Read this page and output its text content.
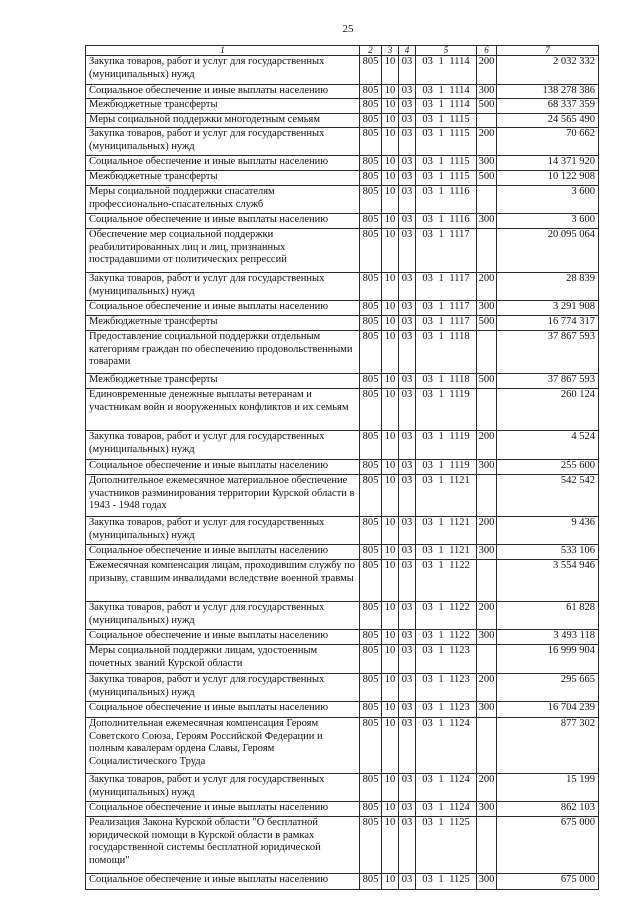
25
1	2	3	4	5	6	7

Закупка товаров, работ и услуг для государственных (муниципальных) нужд	805	10	03	03 1 1114	200	2 032 332

Социальное обеспечение и иные выплаты населению	805	10	03	03 1 1114	300	138 278 386

Межбюджетные трансферты	805	10	03	03 1 1114	500	68 337 359

Меры социальной поддержки многодетным семьям	805	10	03	03 1 1115		24 565 490

Закупка товаров, работ и услуг для государственных (муниципальных) нужд	805	10	03	03 1 1115	200	70 662

Социальное обеспечение и иные выплаты населению	805	10	03	03 1 1115	300	14 371 920

Межбюджетные трансферты	805	10	03	03 1 1115	500	10 122 908

Меры социальной поддержки спасателям профессионально-спасательных служб	805	10	03	03 1 1116		3 600

Социальное обеспечение и иные выплаты населению	805	10	03	03 1 1116	300	3 600

Обеспечение мер социальной поддержки реабилитированных лиц и лиц, признанных пострадавшими от политических репрессий	805	10	03	03 1 1117		20 095 064

Закупка товаров, работ и услуг для государственных (муниципальных) нужд	805	10	03	03 1 1117	200	28 839

Социальное обеспечение и иные выплаты населению	805	10	03	03 1 1117	300	3 291 908

Межбюджетные трансферты	805	10	03	03 1 1117	500	16 774 317

Предоставление социальной поддержки отдельным категориям граждан по обеспечению продовольственными товарами	805	10	03	03 1 1118		37 867 593

Межбюджетные трансферты	805	10	03	03 1 1118	500	37 867 593

Единовременные денежные выплаты ветеранам и участникам войн и вооруженных конфликтов и их семьям	805	10	03	03 1 1119		260 124

Закупка товаров, работ и услуг для государственных (муниципальных) нужд	805	10	03	03 1 1119	200	4 524

Социальное обеспечение и иные выплаты населению	805	10	03	03 1 1119	300	255 600

Дополнительное ежемесячное материальное обеспечение участников разминирования территории Курской области в 1943 - 1948 годах	805	10	03	03 1 1121		542 542

Закупка товаров, работ и услуг для государственных (муниципальных) нужд	805	10	03	03 1 1121	200	9 436

Социальное обеспечение и иные выплаты населению	805	10	03	03 1 1121	300	533 106

Ежемесячная компенсация лицам, проходившим службу по призыву, ставшим инвалидами вследствие военной травмы	805	10	03	03 1 1122		3 554 946

Закупка товаров, работ и услуг для государственных (муниципальных) нужд	805	10	03	03 1 1122	200	61 828

Социальное обеспечение и иные выплаты населению	805	10	03	03 1 1122	300	3 493 118

Меры социальной поддержки лицам, удостоенным почетных званий Курской области	805	10	03	03 1 1123		16 999 904

Закупка товаров, работ и услуг для государственных (муниципальных) нужд	805	10	03	03 1 1123	200	295 665

Социальное обеспечение и иные выплаты населению	805	10	03	03 1 1123	300	16 704 239

Дополнительная ежемесячная компенсация Героям Советского Союза, Героям Российской Федерации и полным кавалерам ордена Славы, Героям Социалистического Труда	805	10	03	03 1 1124		877 302

Закупка товаров, работ и услуг для государственных (муниципальных) нужд	805	10	03	03 1 1124	200	15 199

Социальное обеспечение и иные выплаты населению	805	10	03	03 1 1124	300	862 103

Реализация Закона Курской области "О бесплатной юридической помощи в Курской области в рамках государственной системы бесплатной юридической помощи"	805	10	03	03 1 1125		675 000

Социальное обеспечение и иные выплаты населению	805	10	03	03 1 1125	300	675 000
